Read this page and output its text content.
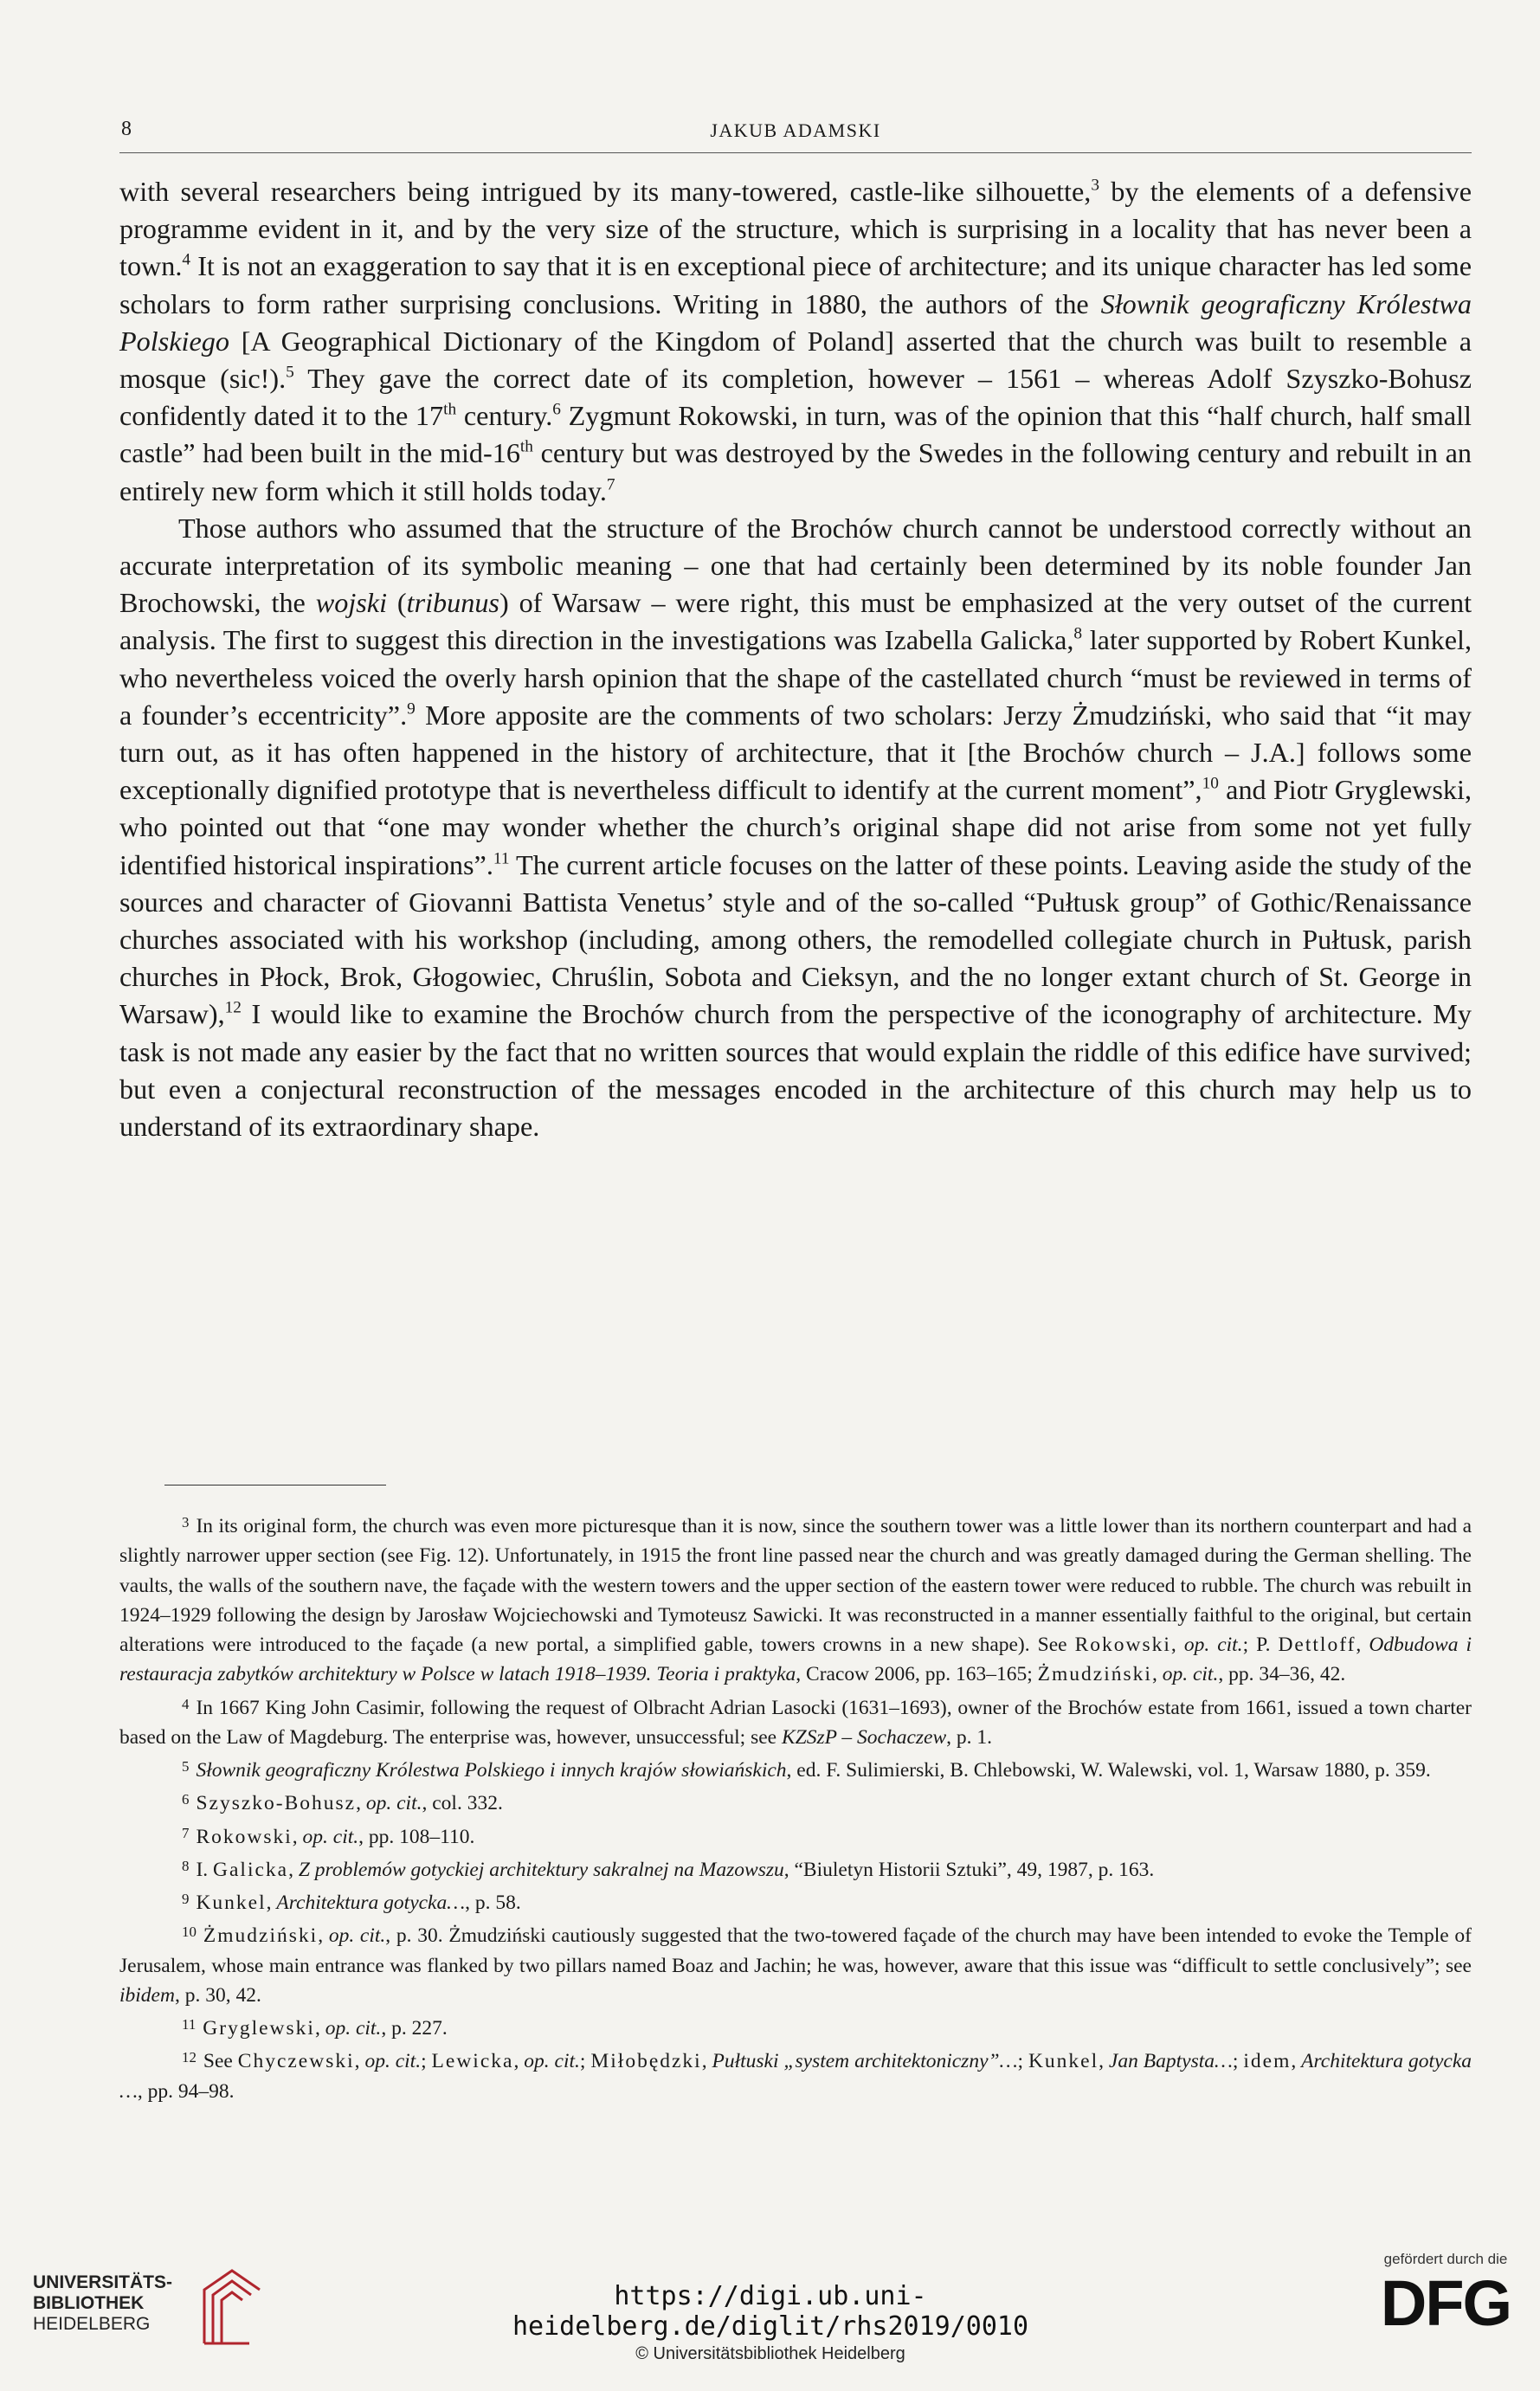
8	JAKUB ADAMSKI

with several researchers being intrigued by its many-towered, castle-like silhouette,$^3$ by the elements of a defensive programme evident in it, and by the very size of the structure, which is surprising in a locality that has never been a town.$^4$ It is not an exaggeration to say that it is en exceptional piece of architecture; and its unique character has led some scholars to form rather surprising conclusions. Writing in 1880, the authors of the Słownik geograficzny Królestwa Polskiego [A Geographical Dictionary of the Kingdom of Poland] asserted that the church was built to resemble a mosque (sic!).$^5$ They gave the correct date of its completion, however – 1561 – whereas Adolf Szyszko-Bohusz confidently dated it to the 17th century.$^6$ Zygmunt Rokowski, in turn, was of the opinion that this “half church, half small castle” had been built in the mid-16th century but was destroyed by the Swedes in the following century and rebuilt in an entirely new form which it still holds today.$^7$

Those authors who assumed that the structure of the Brochów church cannot be understood correctly without an accurate interpretation of its symbolic meaning – one that had certainly been determined by its noble founder Jan Brochowski, the wojski (tribunus) of Warsaw – were right, this must be emphasized at the very outset of the current analysis. The first to suggest this direction in the investigations was Izabella Galicka,$^8$ later supported by Robert Kunkel, who nevertheless voiced the overly harsh opinion that the shape of the castellated church “must be reviewed in terms of a founder’s eccentricity”.$^9$ More apposite are the comments of two scholars: Jerzy Żmudziński, who said that “it may turn out, as it has often happened in the history of architecture, that it [the Brochów church – J.A.] follows some exceptionally dignified prototype that is nevertheless difficult to identify at the current moment”,$^{10}$ and Piotr Gryglewski, who pointed out that “one may wonder whether the church’s original shape did not arise from some not yet fully identified historical inspirations”.$^{11}$ The current article focuses on the latter of these points. Leaving aside the study of the sources and character of Giovanni Battista Venetus’ style and of the so-called “Pułtusk group” of Gothic/Renaissance churches associated with his workshop (including, among others, the remodelled collegiate church in Pułtusk, parish churches in Płock, Brok, Głogowiec, Chruślin, Sobota and Cieksyn, and the no longer extant church of St. George in Warsaw),$^{12}$ I would like to examine the Brochów church from the perspective of the iconography of architecture. My task is not made any easier by the fact that no written sources that would explain the riddle of this edifice have survived; but even a conjectural reconstruction of the messages encoded in the architecture of this church may help us to understand of its extraordinary shape.

$^3$ In its original form, the church was even more picturesque than it is now, since the southern tower was a little lower than its northern counterpart and had a slightly narrower upper section (see Fig. 12). Unfortunately, in 1915 the front line passed near the church and was greatly damaged during the German shelling. The vaults, the walls of the southern nave, the façade with the western towers and the upper section of the eastern tower were reduced to rubble. The church was rebuilt in 1924–1929 following the design by Jarosław Wojciechowski and Tymoteusz Sawicki. It was reconstructed in a manner essentially faithful to the original, but certain alterations were introduced to the façade (a new portal, a simplified gable, towers crowns in a new shape). See Rokowski, op. cit.; P. Dettloff, Odbudowa i restauracja zabytków architektury w Polsce w latach 1918–1939. Teoria i praktyka, Cracow 2006, pp. 163–165; Żmudziński, op. cit., pp. 34–36, 42.

$^4$ In 1667 King John Casimir, following the request of Olbracht Adrian Lasocki (1631–1693), owner of the Brochów estate from 1661, issued a town charter based on the Law of Magdeburg. The enterprise was, however, unsuccessful; see KZSzP – Sochaczew, p. 1.

$^5$ Słownik geograficzny Królestwa Polskiego i innych krajów słowiańskich, ed. F. Sulimierski, B. Chlebowski, W. Walewski, vol. 1, Warsaw 1880, p. 359.

$^6$ Szyszko-Bohusz, op. cit., col. 332.

$^7$ Rokowski, op. cit., pp. 108–110.

$^8$ I. Galicka, Z problemów gotyckiej architektury sakralnej na Mazowszu, “Biuletyn Historii Sztuki”, 49, 1987, p. 163.

$^9$ Kunkel, Architektura gotycka…, p. 58.

$^{10}$ Żmudziński, op. cit., p. 30. Żmudziński cautiously suggested that the two-towered façade of the church may have been intended to evoke the Temple of Jerusalem, whose main entrance was flanked by two pillars named Boaz and Jachin; he was, however, aware that this issue was “difficult to settle conclusively”; see ibidem, p. 30, 42.

$^{11}$ Gryglewski, op. cit., p. 227.

$^{12}$ See Chyczewski, op. cit.; Lewicka, op. cit.; Miłobędzki, Pułtuski „system architektoniczny”…; Kunkel, Jan Baptysta…; idem, Architektura gotycka …, pp. 94–98.

UNIVERSITÄTS-
BIBLIOTHEK
HEIDELBERG
https://digi.ub.uni-heidelberg.de/diglit/rhs2019/0010
© Universitätsbibliothek Heidelberg
gefördert durch die
DFG
